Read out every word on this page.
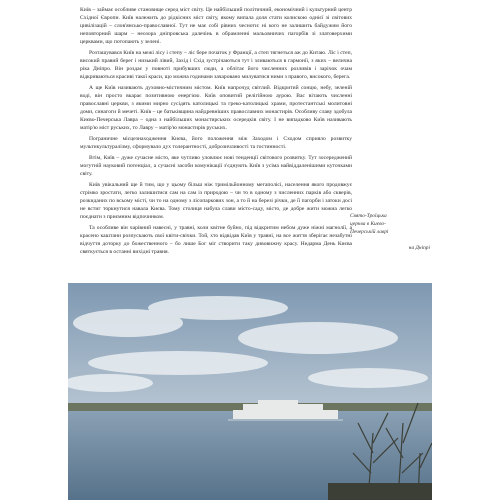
Київ – займає особливе становище серед міст світу. Це найбільший політичний, економічний і культурний центр Східної Європи. Київ належить до рідкісних міст світу, якому випала доля стати колискою однієї зі світових цивілізацій – слов'янсько-православної. Тут не має собі рівних чесноти: ні кого не залишить байдужим його неповторний шарм – неозора дніпровська далечінь в обрамленні мальовничих пагорбів зі златоверхими церквами, що потопають у зелені.

Розташувався Київ на межі лісу і степу – ліс бере початок у Франції, а степ тягнеться аж до Китаю. Ліс і степ, високий правий берег і низький лівий, Захід і Схід зустрічаються тут і зливаються в гармонії, з яких – велична ріка Дніпро. Він роздає у повноті прибувших сюди, а облітає його численних розливів і зарічок очам відкриваються красиві такої краси, що можна годинами зачаровано милуватися ними з правого, високого, берега.

А ще Київ називають духовно-містичним містом. Київ напрочуд світлий. Відкритий сонцю, небу, зеленій воді, він просто вкарає позитивною енергією. Київ оповитий релігійною аурою. Вас вітають численні православні церкви, з якими мирно сусідять католицькі та греко-католицькі храми, протестантські молитовні доми, синагоги й мечеті. Київ – це батьківщина найдревніших православних монастирів. Особливу славу здобула Києво-Печерська Лавра – одна з найбільших монастирських осередків світу. І не випадково Київ називають матір'ю міст руських, то Лавру – матір'ю монастирів руських.

Пограничне місцезнаходження Києва, його положення між Заходом і Сходом сприяло розвитку мультикультуралізму, сформувало дух толерантності, доброзичливості та гостинності.

Втім, Київ – дуже сучасне місто, яке чутливо уловлює нові тенденції світового розвитку. Тут зосереджений могутній науковий потенціал, а сучасні засоби комунікації з'єднують Київ з усіма найвіддаленішими куточками світу.

Київ увікальний ще й тим, що у цьому більш ніж тримільйонному мегаполісі, населення якого продовжує стрімко зростати, легко залишитися сам на сам із природою – чи то в одному з численних парків або скверів, розкиданих по всьому місті, чи то на одному з лісопаркових зон, а то й на березі річки, де її пагорби і затоки досі не встиг торкнутися навала Києва. Тому столиця набула слави місто-саду, місто, де добре жити можна легко поєднати з приємним відпочинком.

Та особливе він чарівний навесні, у травні, коли квітне буйно, під відкритим небом дуже ніжні магнолії, а красено каштани розпускають свої квіти-свічки. Той, хто відвідав Київ у травні, на все життя зберігає незабутні відчуття доторку до божественного – бо лише Бог міг створити таку дивовижну красу. Недарма День Києва святкується в останні вихідні травня.

Свято-Троїцька
церква в Києво-
Печерській лаврі
на Дніпрі
